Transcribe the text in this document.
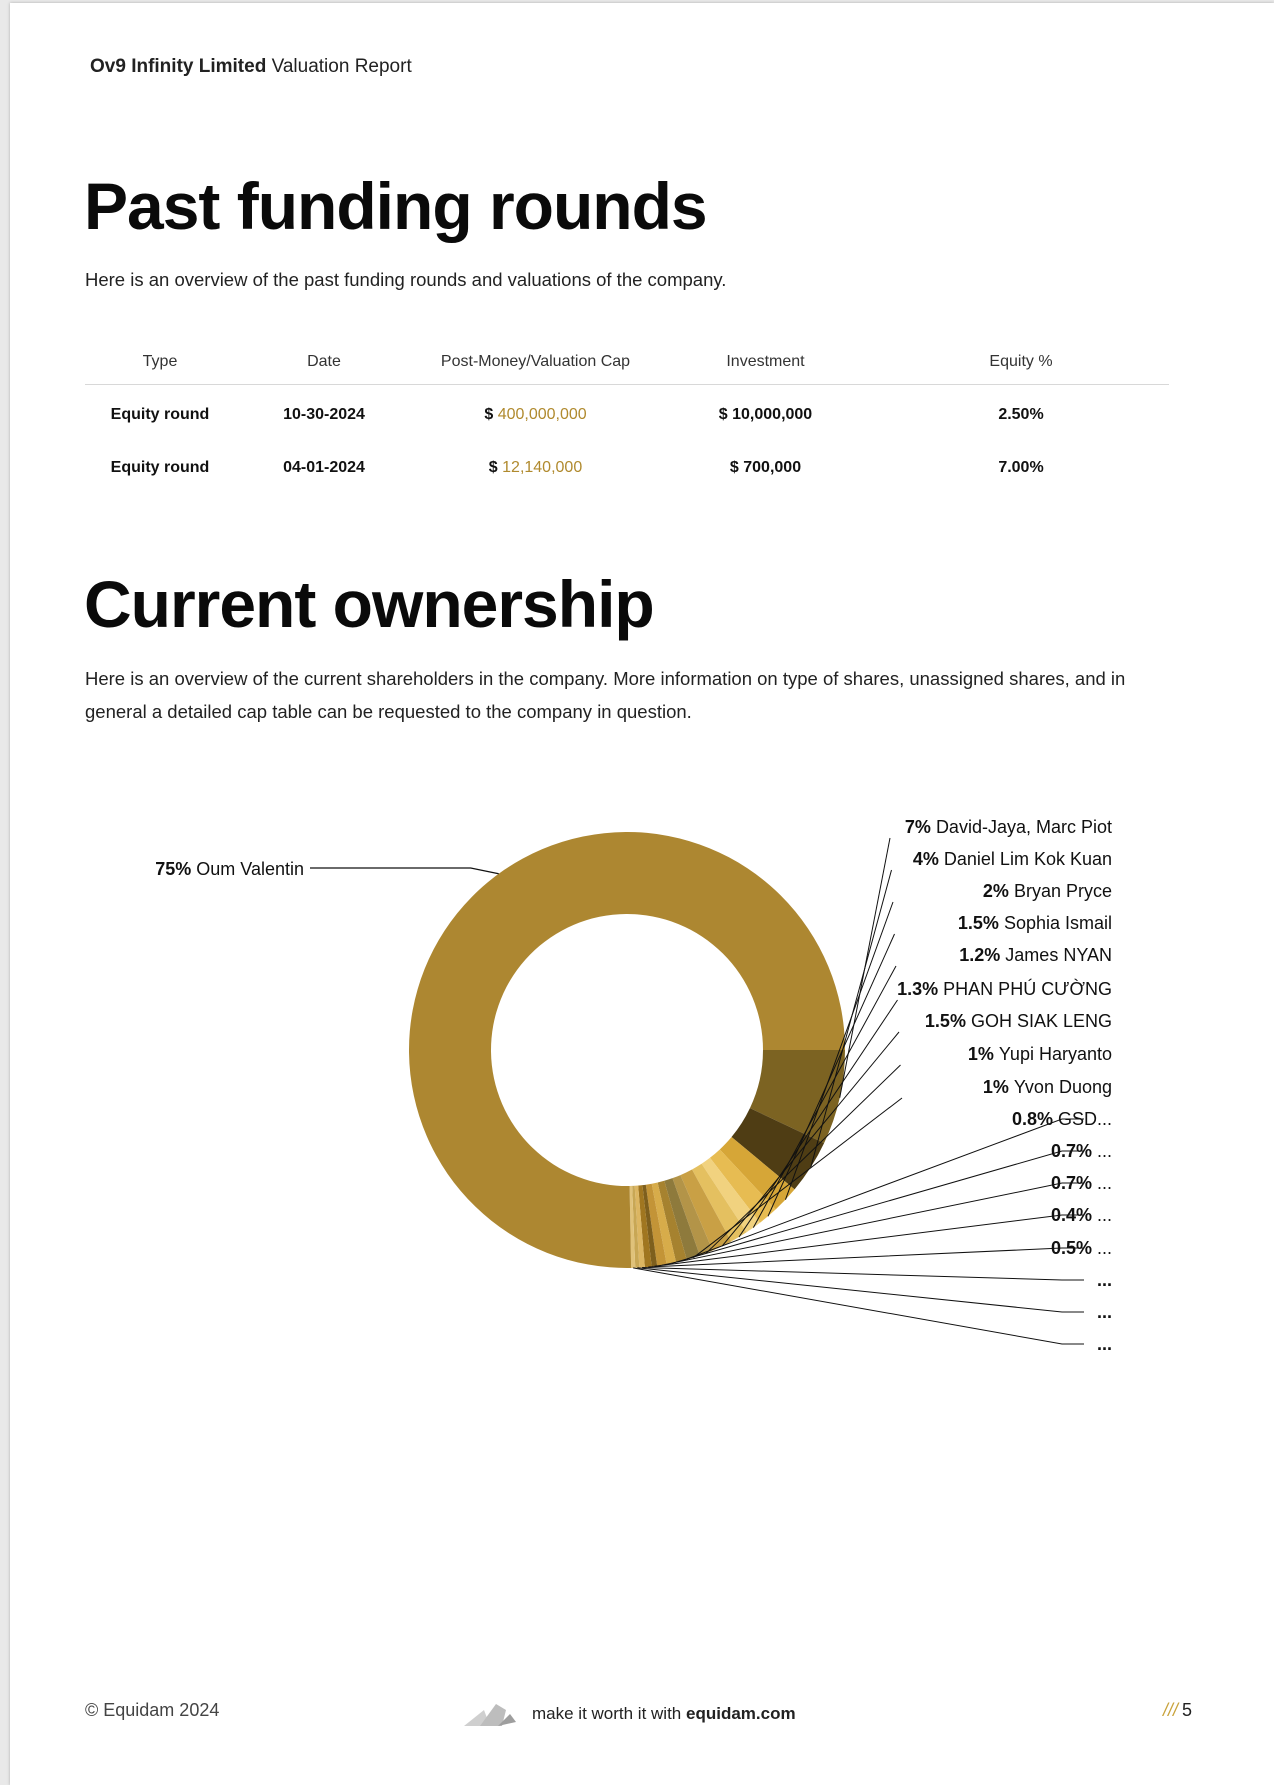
Ov9 Infinity Limited Valuation Report
Past funding rounds

Here is an overview of the past funding rounds and valuations of the company.

Type	Date	Post-Money/Valuation Cap	Investment	Equity %
Equity round	10-30-2024	$ 400,000,000	$ 10,000,000	2.50%
Equity round	04-01-2024	$ 12,140,000	$ 700,000	7.00%
Current ownership

Here is an overview of the current shareholders in the company. More information on type of shares, unassigned shares, and in general a detailed cap table can be requested to the company in question.

75% Oum Valentin
7% David-Jaya, Marc Piot
4% Daniel Lim Kok Kuan
2% Bryan Pryce
1.5% Sophia Ismail
1.2% James NYAN
1.3% PHAN PHÚ CƯỜNG
1.5% GOH SIAK LENG
1% Yupi Haryanto
1% Yvon Duong
0.8% GSD...
0.7% ...
0.7% ...
0.4% ...
0.5% ...
...
...
...
© Equidam 2024	make it worth it with
equidam.com	/// 5
